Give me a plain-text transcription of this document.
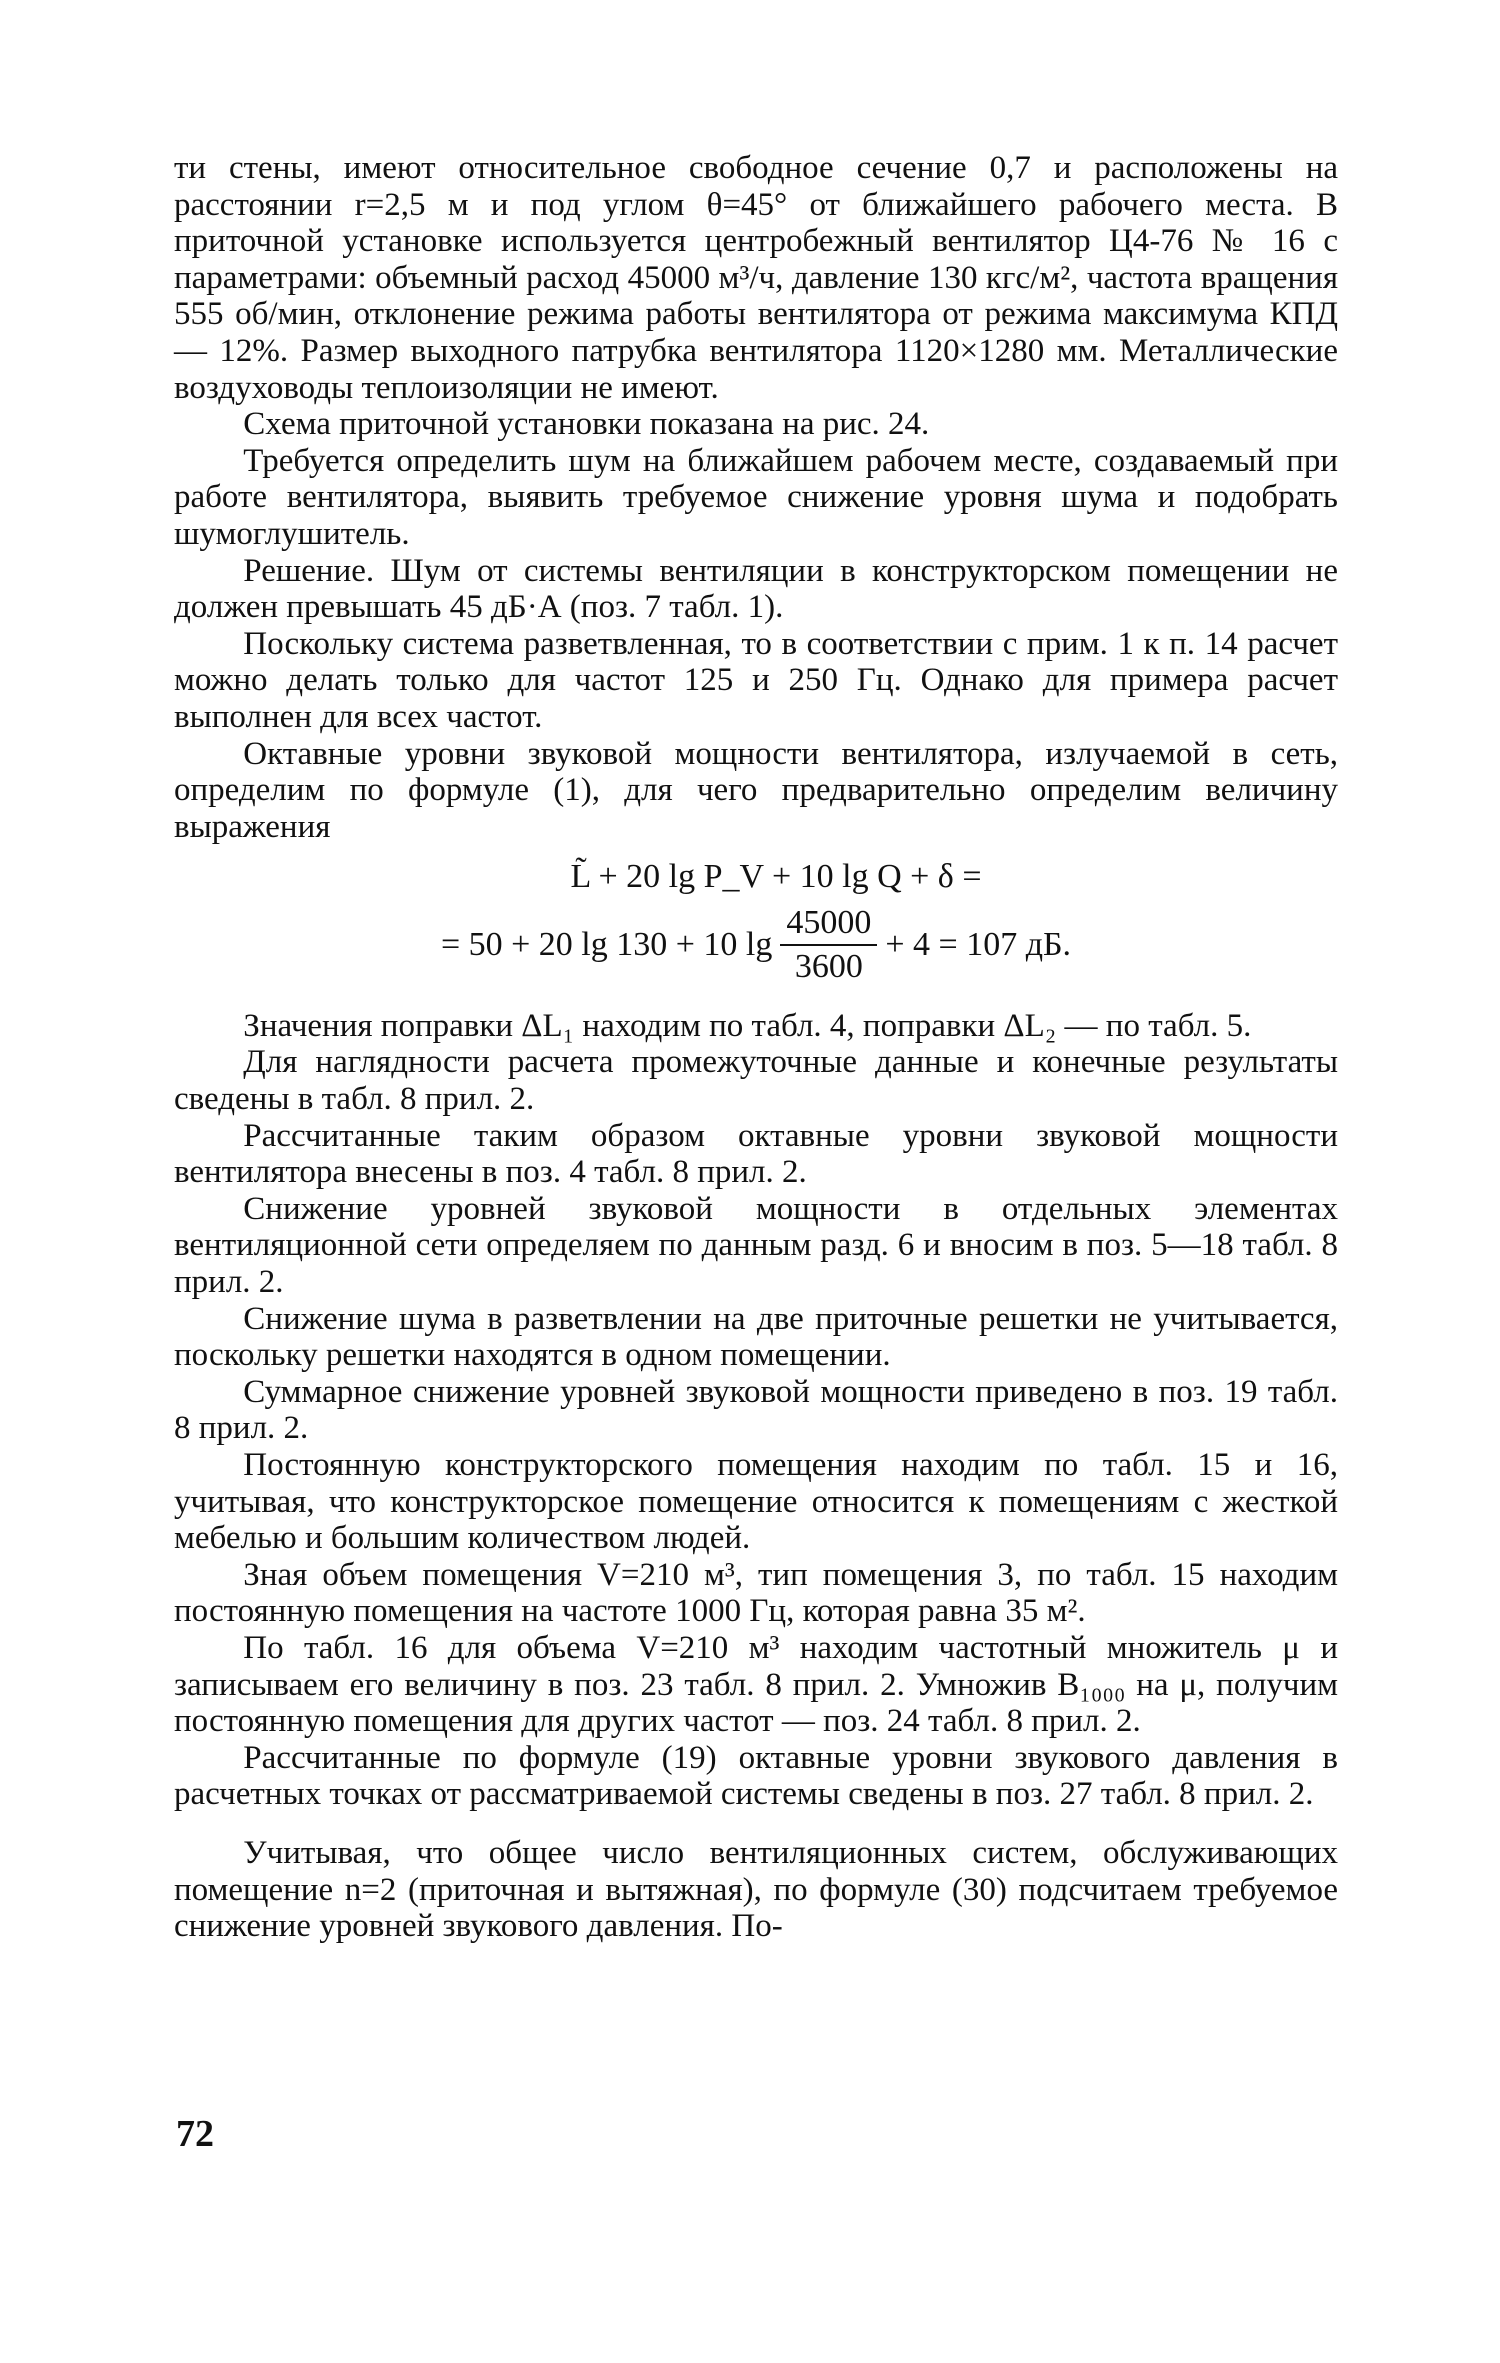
ти стены, имеют относительное свободное сечение 0,7 и расположены на расстоянии r=2,5 м и под углом θ=45° от ближайшего рабочего места. В приточной установке используется центробежный вентилятор Ц4-76 № 16 с параметрами: объемный расход 45000 м³/ч, давление 130 кгс/м², частота вращения 555 об/мин, отклонение режима работы вентилятора от режима максимума КПД — 12%. Размер выходного патрубка вентилятора 1120×1280 мм. Металлические воздуховоды теплоизоляции не имеют.

Схема приточной установки показана на рис. 24.

Требуется определить шум на ближайшем рабочем месте, создаваемый при работе вентилятора, выявить требуемое снижение уровня шума и подобрать шумоглушитель.

Решение. Шум от системы вентиляции в конструкторском помещении не должен превышать 45 дБ·А (поз. 7 табл. 1).

Поскольку система разветвленная, то в соответствии с прим. 1 к п. 14 расчет можно делать только для частот 125 и 250 Гц. Однако для примера расчет выполнен для всех частот.

Октавные уровни звуковой мощности вентилятора, излучаемой в сеть, определим по формуле (1), для чего предварительно определим величину выражения

L̃ + 20 lg P_V + 10 lg Q + δ =
= 50 + 20 lg 130 + 10 $\lg \frac{45000}{3600} + 4 = 107$ дБ.

Значения поправки ΔL₁ находим по табл. 4, поправки ΔL₂ — по табл. 5.

Для наглядности расчета промежуточные данные и конечные результаты сведены в табл. 8 прил. 2.

Рассчитанные таким образом октавные уровни звуковой мощности вентилятора внесены в поз. 4 табл. 8 прил. 2.

Снижение уровней звуковой мощности в отдельных элементах вентиляционной сети определяем по данным разд. 6 и вносим в поз. 5—18 табл. 8 прил. 2.

Снижение шума в разветвлении на две приточные решетки не учитывается, поскольку решетки находятся в одном помещении.

Суммарное снижение уровней звуковой мощности приведено в поз. 19 табл. 8 прил. 2.

Постоянную конструкторского помещения находим по табл. 15 и 16, учитывая, что конструкторское помещение относится к помещениям с жесткой мебелью и большим количеством людей.

Зная объем помещения V=210 м³, тип помещения 3, по табл. 15 находим постоянную помещения на частоте 1000 Гц, которая равна 35 м².

По табл. 16 для объема V=210 м³ находим частотный множитель μ и записываем его величину в поз. 23 табл. 8 прил. 2. Умножив B₁₀₀₀ на μ, получим постоянную помещения для других частот — поз. 24 табл. 8 прил. 2.

Рассчитанные по формуле (19) октавные уровни звукового давления в расчетных точках от рассматриваемой системы сведены в поз. 27 табл. 8 прил. 2.

Учитывая, что общее число вентиляционных систем, обслуживающих помещение n=2 (приточная и вытяжная), по формуле (30) подсчитаем требуемое снижение уровней звукового давления. По-

72
